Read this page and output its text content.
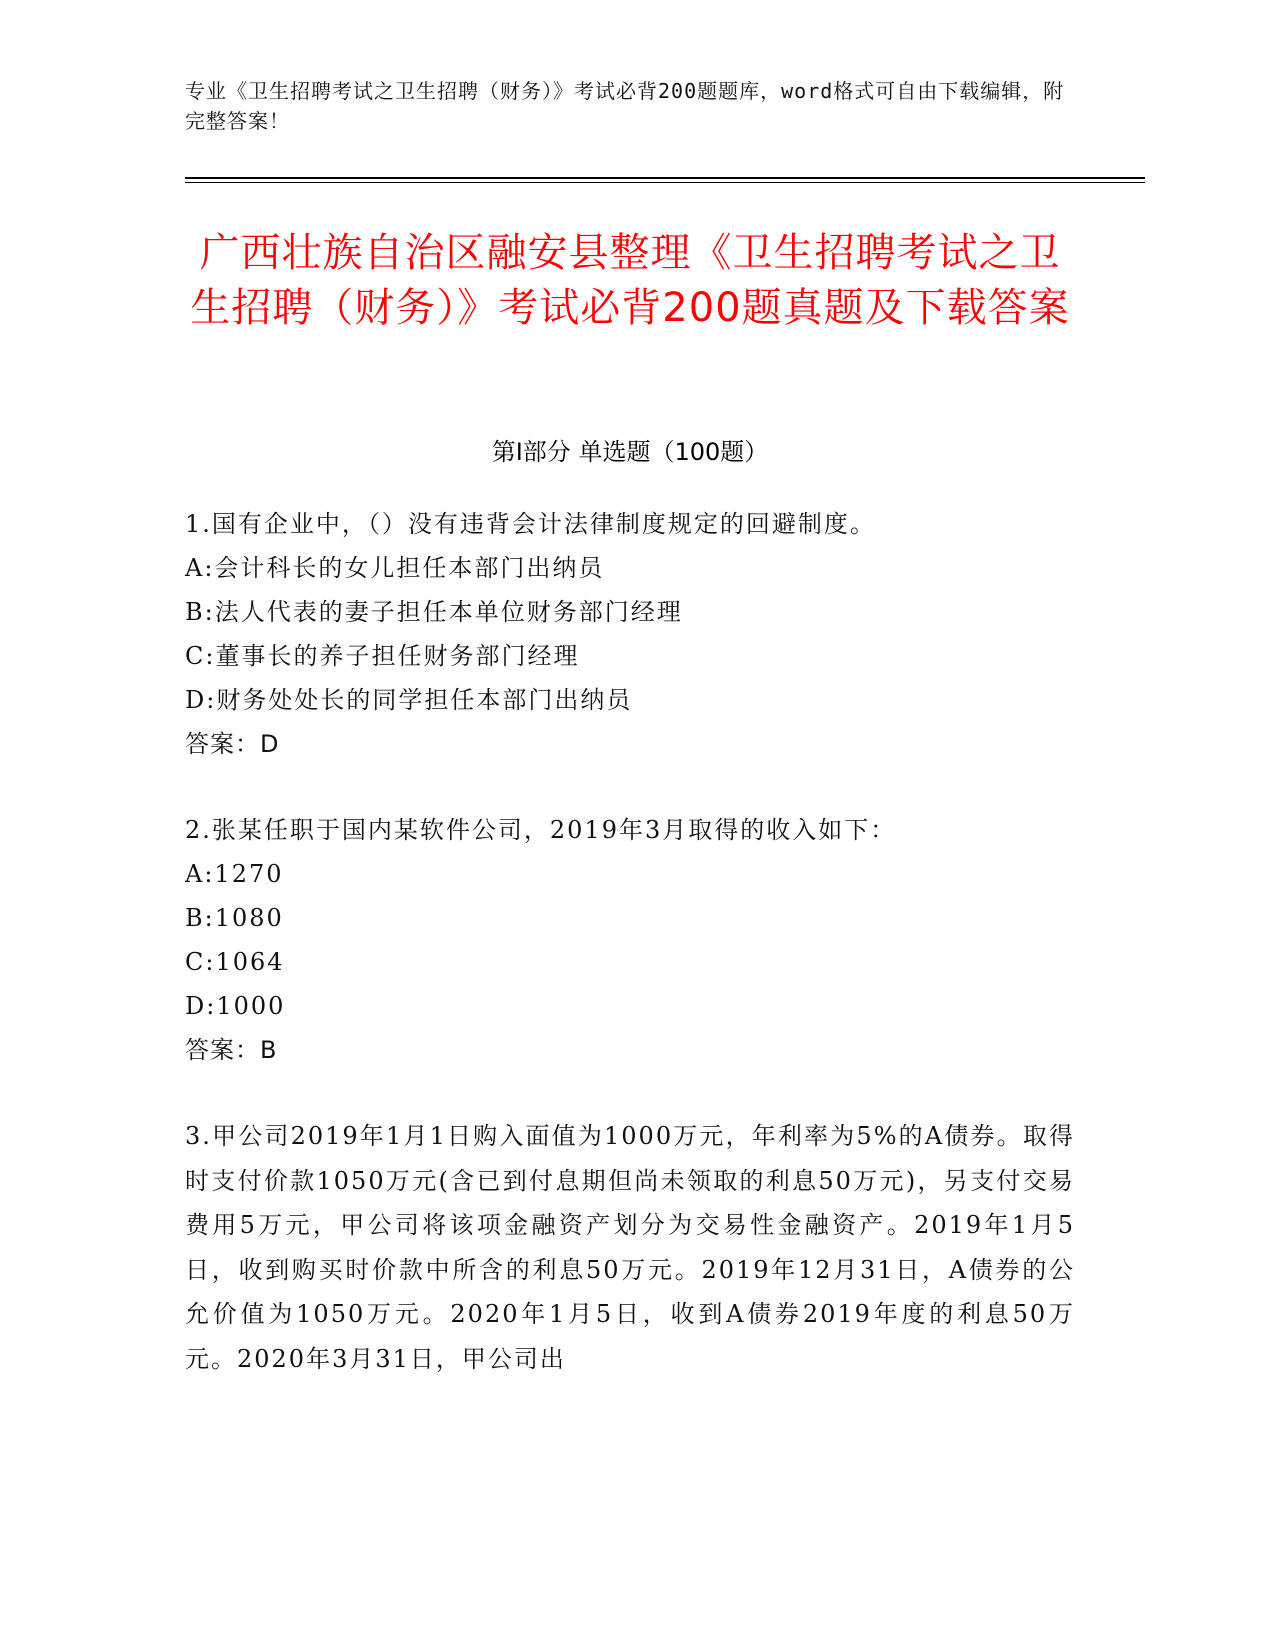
专业《卫生招聘考试之卫生招聘（财务）》考试必背200题题库，word格式可自由下载编辑，附完整答案！
广西壮族自治区融安县整理《卫生招聘考试之卫生招聘（财务）》考试必背200题真题及下载答案
第Ⅰ部分 单选题（100题）
1.国有企业中，（）没有违背会计法律制度规定的回避制度。
A:会计科长的女儿担任本部门出纳员
B:法人代表的妻子担任本单位财务部门经理
C:董事长的养子担任财务部门经理
D:财务处处长的同学担任本部门出纳员
答案：D
2.张某任职于国内某软件公司，2019年3月取得的收入如下：
A:1270
B:1080
C:1064
D:1000
答案：B
3.甲公司2019年1月1日购入面值为1000万元，年利率为5%的A债券。取得时支付价款1050万元(含已到付息期但尚未领取的利息50万元)，另支付交易费用5万元，甲公司将该项金融资产划分为交易性金融资产。2019年1月5日，收到购买时价款中所含的利息50万元。2019年12月31日，A债券的公允价值为1050万元。2020年1月5日，收到A债券2019年度的利息50万元。2020年3月31日，甲公司出
